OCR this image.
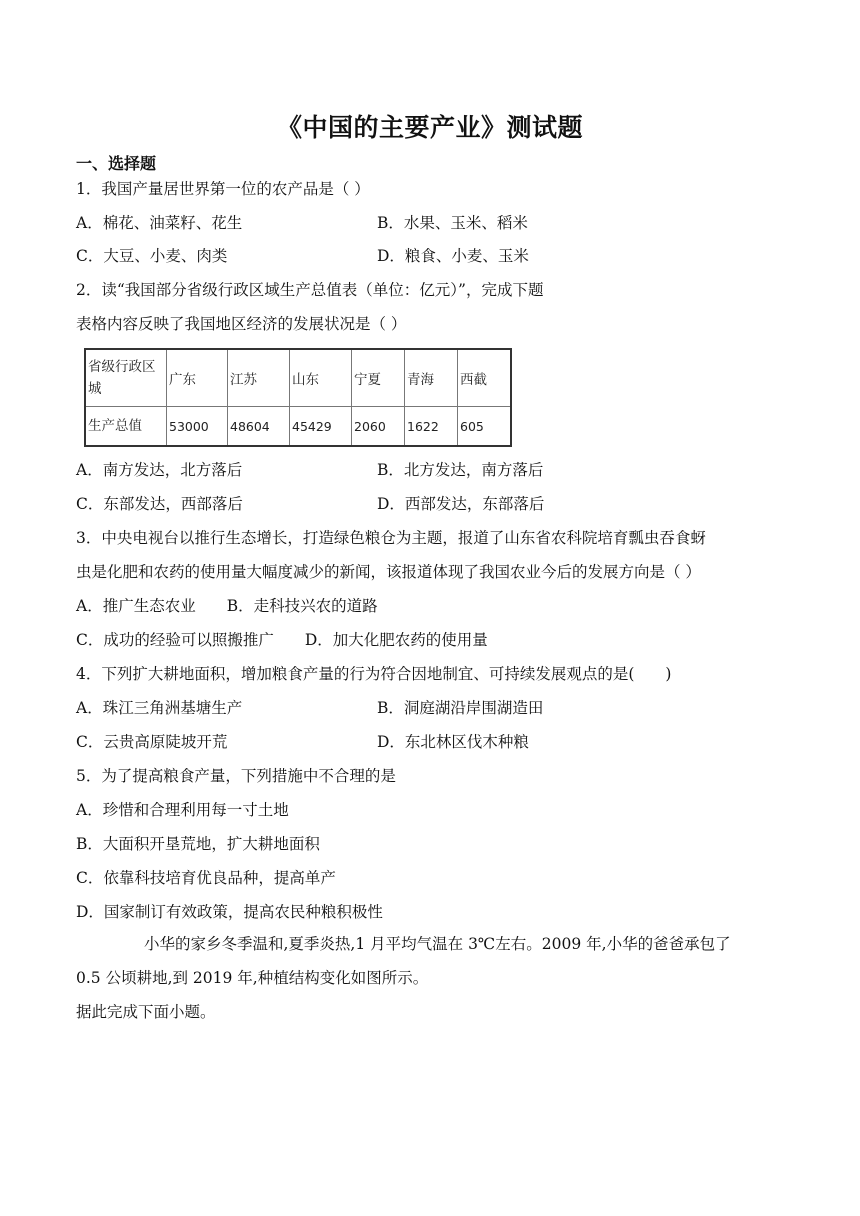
《中国的主要产业》测试题
一、选择题
1．我国产量居世界第一位的农产品是（ ）
A．棉花、油菜籽、花生	B．水果、玉米、稻米
C．大豆、小麦、肉类	D．粮食、小麦、玉米
2．读“我国部分省级行政区域生产总值表（单位：亿元）”，完成下题
表格内容反映了我国地区经济的发展状况是（ ）
省级行政区
城	广东	江苏	山东	宁夏	青海	西截
生产总值	53000	48604	45429	2060	1622	605
A．南方发达，北方落后	B．北方发达，南方落后
C．东部发达，西部落后	D．西部发达，东部落后
3．中央电视台以推行生态增长，打造绿色粮仓为主题，报道了山东省农科院培育瓢虫吞食蚜
虫是化肥和农药的使用量大幅度减少的新闻，该报道体现了我国农业今后的发展方向是（ ）
A．推广生态农业　　B．走科技兴农的道路
C．成功的经验可以照搬推广　　D．加大化肥农药的使用量
4．下列扩大耕地面积，增加粮食产量的行为符合因地制宜、可持续发展观点的是(　　)
A．珠江三角洲基塘生产	B．洞庭湖沿岸围湖造田
C．云贵高原陡坡开荒	D．东北林区伐木种粮
5．为了提高粮食产量，下列措施中不合理的是
A．珍惜和合理利用每一寸土地
B．大面积开垦荒地，扩大耕地面积
C．依靠科技培育优良品种，提高单产
D．国家制订有效政策，提高农民种粮积极性
小华的家乡冬季温和,夏季炎热,1 月平均气温在 3℃左右。2009 年,小华的爸爸承包了
0.5 公顷耕地,到 2019 年,种植结构变化如图所示。
据此完成下面小题。
